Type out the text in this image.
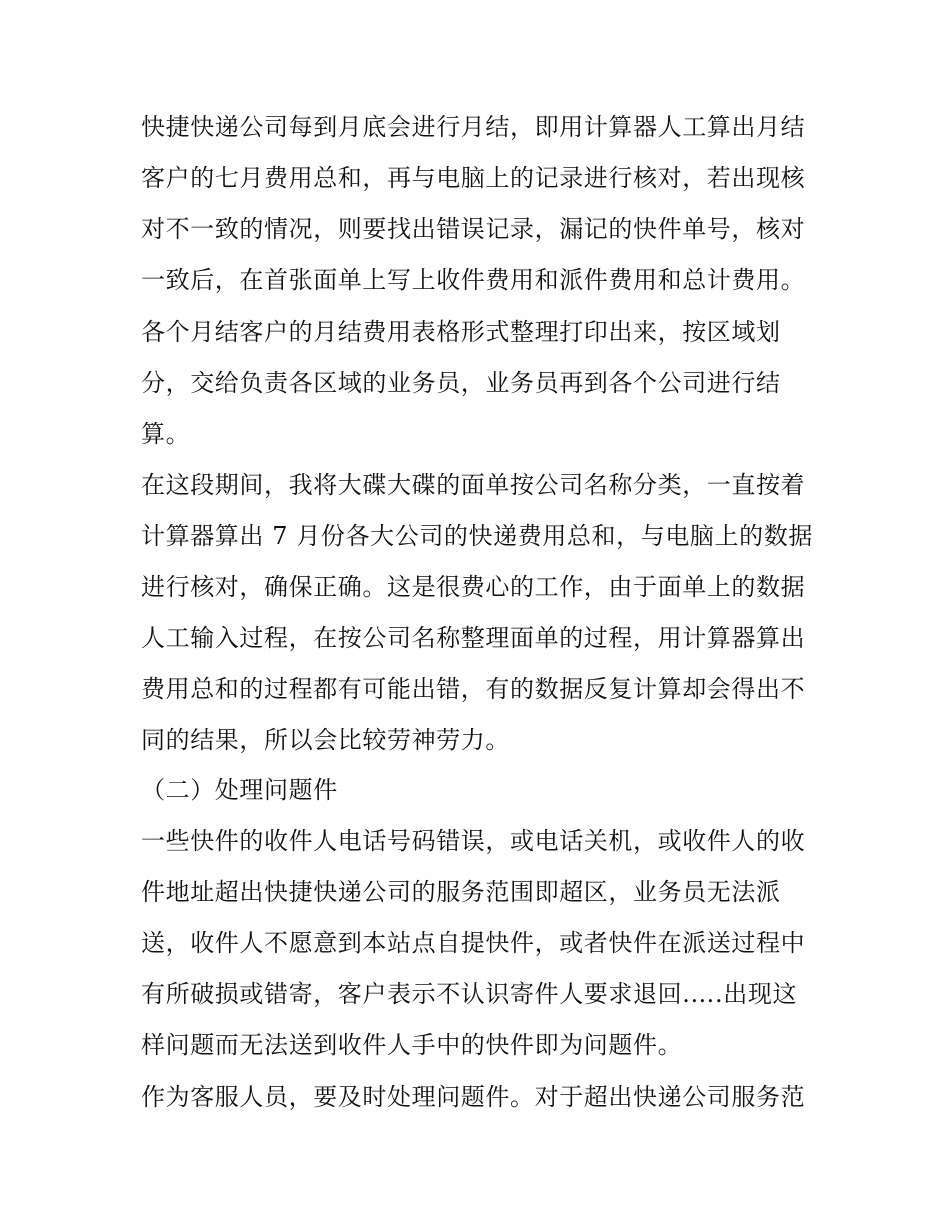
快捷快递公司每到月底会进行月结，即用计算器人工算出月结
客户的七月费用总和，再与电脑上的记录进行核对，若出现核
对不一致的情况，则要找出错误记录，漏记的快件单号，核对
一致后，在首张面单上写上收件费用和派件费用和总计费用。
各个月结客户的月结费用表格形式整理打印出来，按区域划
分，交给负责各区域的业务员，业务员再到各个公司进行结
算。
在这段期间，我将大碟大碟的面单按公司名称分类，一直按着
计算器算出 7 月份各大公司的快递费用总和，与电脑上的数据
进行核对，确保正确。这是很费心的工作，由于面单上的数据
人工输入过程，在按公司名称整理面单的过程，用计算器算出
费用总和的过程都有可能出错，有的数据反复计算却会得出不
同的结果，所以会比较劳神劳力。
（二）处理问题件
一些快件的收件人电话号码错误，或电话关机，或收件人的收
件地址超出快捷快递公司的服务范围即超区，业务员无法派
送，收件人不愿意到本站点自提快件，或者快件在派送过程中
有所破损或错寄，客户表示不认识寄件人要求退回.….出现这
样问题而无法送到收件人手中的快件即为问题件。
作为客服人员，要及时处理问题件。对于超出快递公司服务范
